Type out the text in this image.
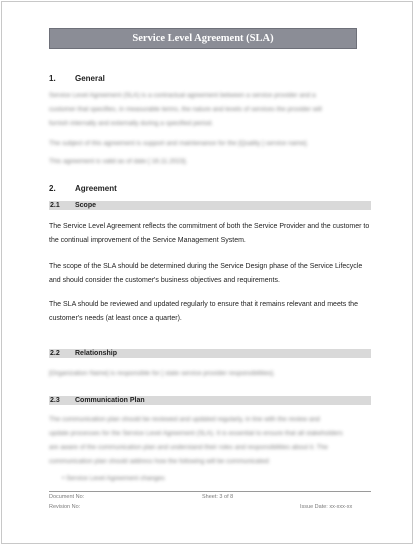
Service Level Agreement (SLA)
1. General

Service Level Agreement (SLA) is a contractual agreement between a service provider and a

customer that specifies, in measurable terms, the nature and levels of services the provider will

furnish internally and externally during a specified period.

The subject of this agreement is support and maintenance for the [Quality ] service name].

This agreement is valid as of date [ 16.11.2023].

2. Agreement
2.1 Scope

The Service Level Agreement reflects the commitment of both the Service Provider and the customer to the continual improvement of the Service Management System.

The scope of the SLA should be determined during the Service Design phase of the Service Lifecycle and should consider the customer's business objectives and requirements.

The SLA should be reviewed and updated regularly to ensure that it remains relevant and meets the customer's needs (at least once a quarter).

2.2 Relationship

[Organization Name] is responsible for [ state service provider responsibilities].

2.3 Communication Plan

The communication plan should be reviewed and updated regularly, in line with the review and

update processes for the Service Level Agreement (SLA). It is essential to ensure that all stakeholders

are aware of the communication plan and understand their roles and responsibilities about it. The

communication plan should address how the following will be communicated:

• Service Level Agreement changes

Document No:
Revision No:
Sheet: 3 of 8
Issue Date: xx-xxx-xx
